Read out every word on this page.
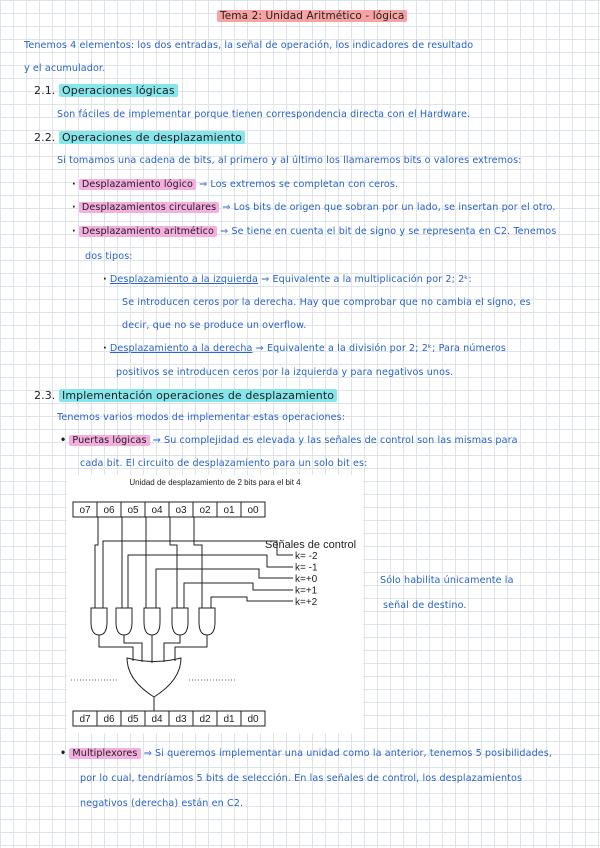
Tema 2: Unidad Aritmético - lógica
Tenemos 4 elementos: los dos entradas, la señal de operación, los indicadores de resultado
y el acumulador.
2.1. Operaciones lógicas
Son fáciles de implementar porque tienen correspondencia directa con el Hardware.
2.2. Operaciones de desplazamiento
Si tomamos una cadena de bits, al primero y al último los llamaremos bits o valores extremos:
· Desplazamiento lógico ⇒ Los extremos se completan con ceros.
· Desplazamientos circulares ⇒ Los bits de origen que sobran por un lado, se insertan por el otro.
· Desplazamiento aritmético ⇒ Se tiene en cuenta el bit de signo y se representa en C2. Tenemos
dos tipos:
· Desplazamiento a la izquierda ⇒ Equivalente a la multiplicación por 2; 2ᵏ:
Se introducen ceros por la derecha. Hay que comprobar que no cambia el signo, es
decir, que no se produce un overflow.
· Desplazamiento a la derecha ⇒ Equivalente a la división por 2; 2ᵏ; Para números
positivos se introducen ceros por la izquierda y para negativos unos.
2.3. Implementación operaciones de desplazamiento
Tenemos varios modos de implementar estas operaciones:
• Puertas lógicas ⇒ Su complejidad es elevada y las señales de control son las mismas para
cada bit. El circuito de desplazamiento para un solo bit es:
Unidad de desplazamiento de 2 bits para el bit 4
o7 o6 o5 o4 o3 o2 o1 o0
d7 d6 d5 d4 d3 d2 d1 d0
Señales de control
k= -2
k= -1
k=+0
k=+1
k=+2
Sólo habilita únicamente la
señal de destino.
• Multiplexores ⇒ Si queremos implementar una unidad como la anterior, tenemos 5 posibilidades,
por lo cual, tendríamos 5 bits de selección. En las señales de control, los desplazamientos
negativos (derecha) están en C2.
